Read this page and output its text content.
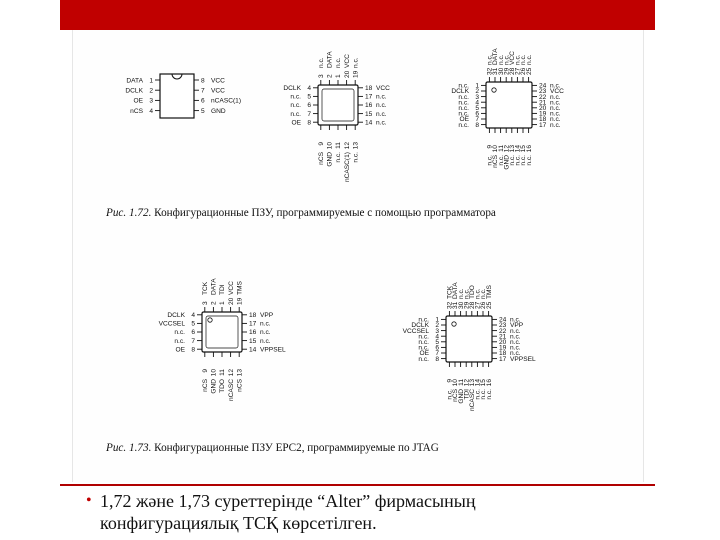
1
DATA
2
DCLK
3
OE
4
nCS
8 VCC
7 VCC
6 nCASC(1)
5 GND
4
DCLK
5
n.c.
6
n.c.
7
n.c.
8
OE
18 VCC
17 n.c.
16 n.c.
15 n.c.
14 n.c.
3
n.c.
2
DATA
1
n.c.
20
VCC
19
n.c.
9
nCS
10
GND
11
n.c.
12
nCASC(1)
13
n.c.
1
n.c.
2
DCLK
3
n.c.
4
n.c.
5
n.c.
6
n.c.
7
OE
8
n.c.
24 n.c.
23 VCC
22 n.c.
21 n.c.
20 n.c.
19 n.c.
18 n.c.
17 n.c.
32
n.c.
31
DATA
30
n.c.
29
n.c.
28
VCC
27
n.c.
26
n.c.
25
n.c.
9
n.c.
10
nCS
11
n.c.
12
GND
13
n.c.
14
n.c.
15
n.c.
16
n.c.
4
DCLK
5
VCCSEL
6
n.c.
7
n.c.
8
OE
18 VPP
17 n.c.
16 n.c.
15 n.c.
14 VPPSEL
3
TCK
2
DATA
1
TDI
20
VCC
19
TMS
9
nCS
10
GND
11
TDO
12
nCASC
13
nCS
1
n.c.
2
DCLK
3
VCCSEL
4
n.c.
5
n.c.
6
n.c.
7
OE
8
n.c.
24 n.c.
23 VPP
22 n.c.
21 n.c.
20 n.c.
19 n.c.
18 n.c.
17 VPPSEL
32
TCK
31
DATA
30
n.c.
29
n.c.
28
TDO
27
n.c.
26
n.c.
25
TMS
9
n.c.
10
nCS
11
GND
12
TDI
13
nCASC
14
n.c.
15
n.c.
16
n.c.
Рис. 1.72. Конфигурационные ПЗУ, программируемые с помощью программатора
Рис. 1.73. Конфигурационные ПЗУ EPC2, программируемые по JTAG
• 1,72 және 1,73 суреттерінде “Alter” фирмасының
конфигурациялық ТСҚ көрсетілген.
